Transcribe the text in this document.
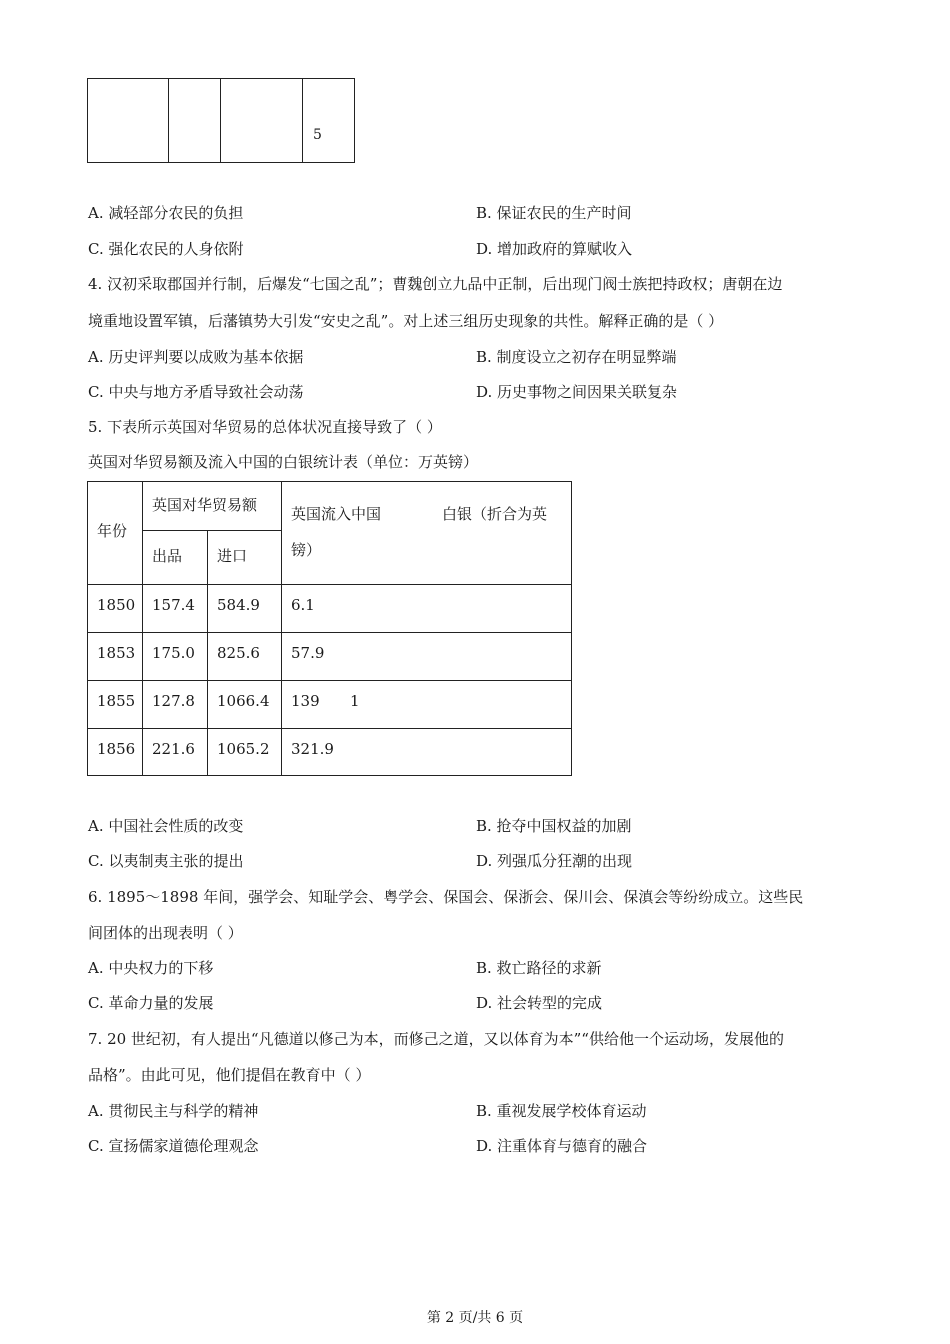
5
A. 减轻部分农民的负担	B. 保证农民的生产时间
C. 强化农民的人身依附	D. 增加政府的算赋收入
4. 汉初采取郡国并行制，后爆发“七国之乱”；曹魏创立九品中正制，后出现门阀士族把持政权；唐朝在边
境重地设置军镇，后藩镇势大引发“安史之乱”。对上述三组历史现象的共性。解释正确的是（ ）
A. 历史评判要以成败为基本依据	B. 制度设立之初存在明显弊端
C. 中央与地方矛盾导致社会动荡	D. 历史事物之间因果关联复杂
5. 下表所示英国对华贸易的总体状况直接导致了（ ）
英国对华贸易额及流入中国的白银统计表（单位：万英镑）
年份
英国对华贸易额
出品 进口
英国流入中国	白银（折合为英
镑）
1850 157.4 584.9 6.1
1853 175.0 825.6 57.9
1855 127.8 1066.4 139 1
1856 221.6 1065.2 321.9
A. 中国社会性质的改变	B. 抢夺中国权益的加剧
C. 以夷制夷主张的提出	D. 列强瓜分狂潮的出现
6. 1895～1898 年间，强学会、知耻学会、粤学会、保国会、保浙会、保川会、保滇会等纷纷成立。这些民
间团体的出现表明（ ）
A. 中央权力的下移	B. 救亡路径的求新
C. 革命力量的发展	D. 社会转型的完成
7. 20 世纪初，有人提出“凡德道以修己为本，而修己之道，又以体育为本”“供给他一个运动场，发展他的
品格”。由此可见，他们提倡在教育中（ ）
A. 贯彻民主与科学的精神	B. 重视发展学校体育运动
C. 宣扬儒家道德伦理观念	D. 注重体育与德育的融合
第 2 页/共 6 页
